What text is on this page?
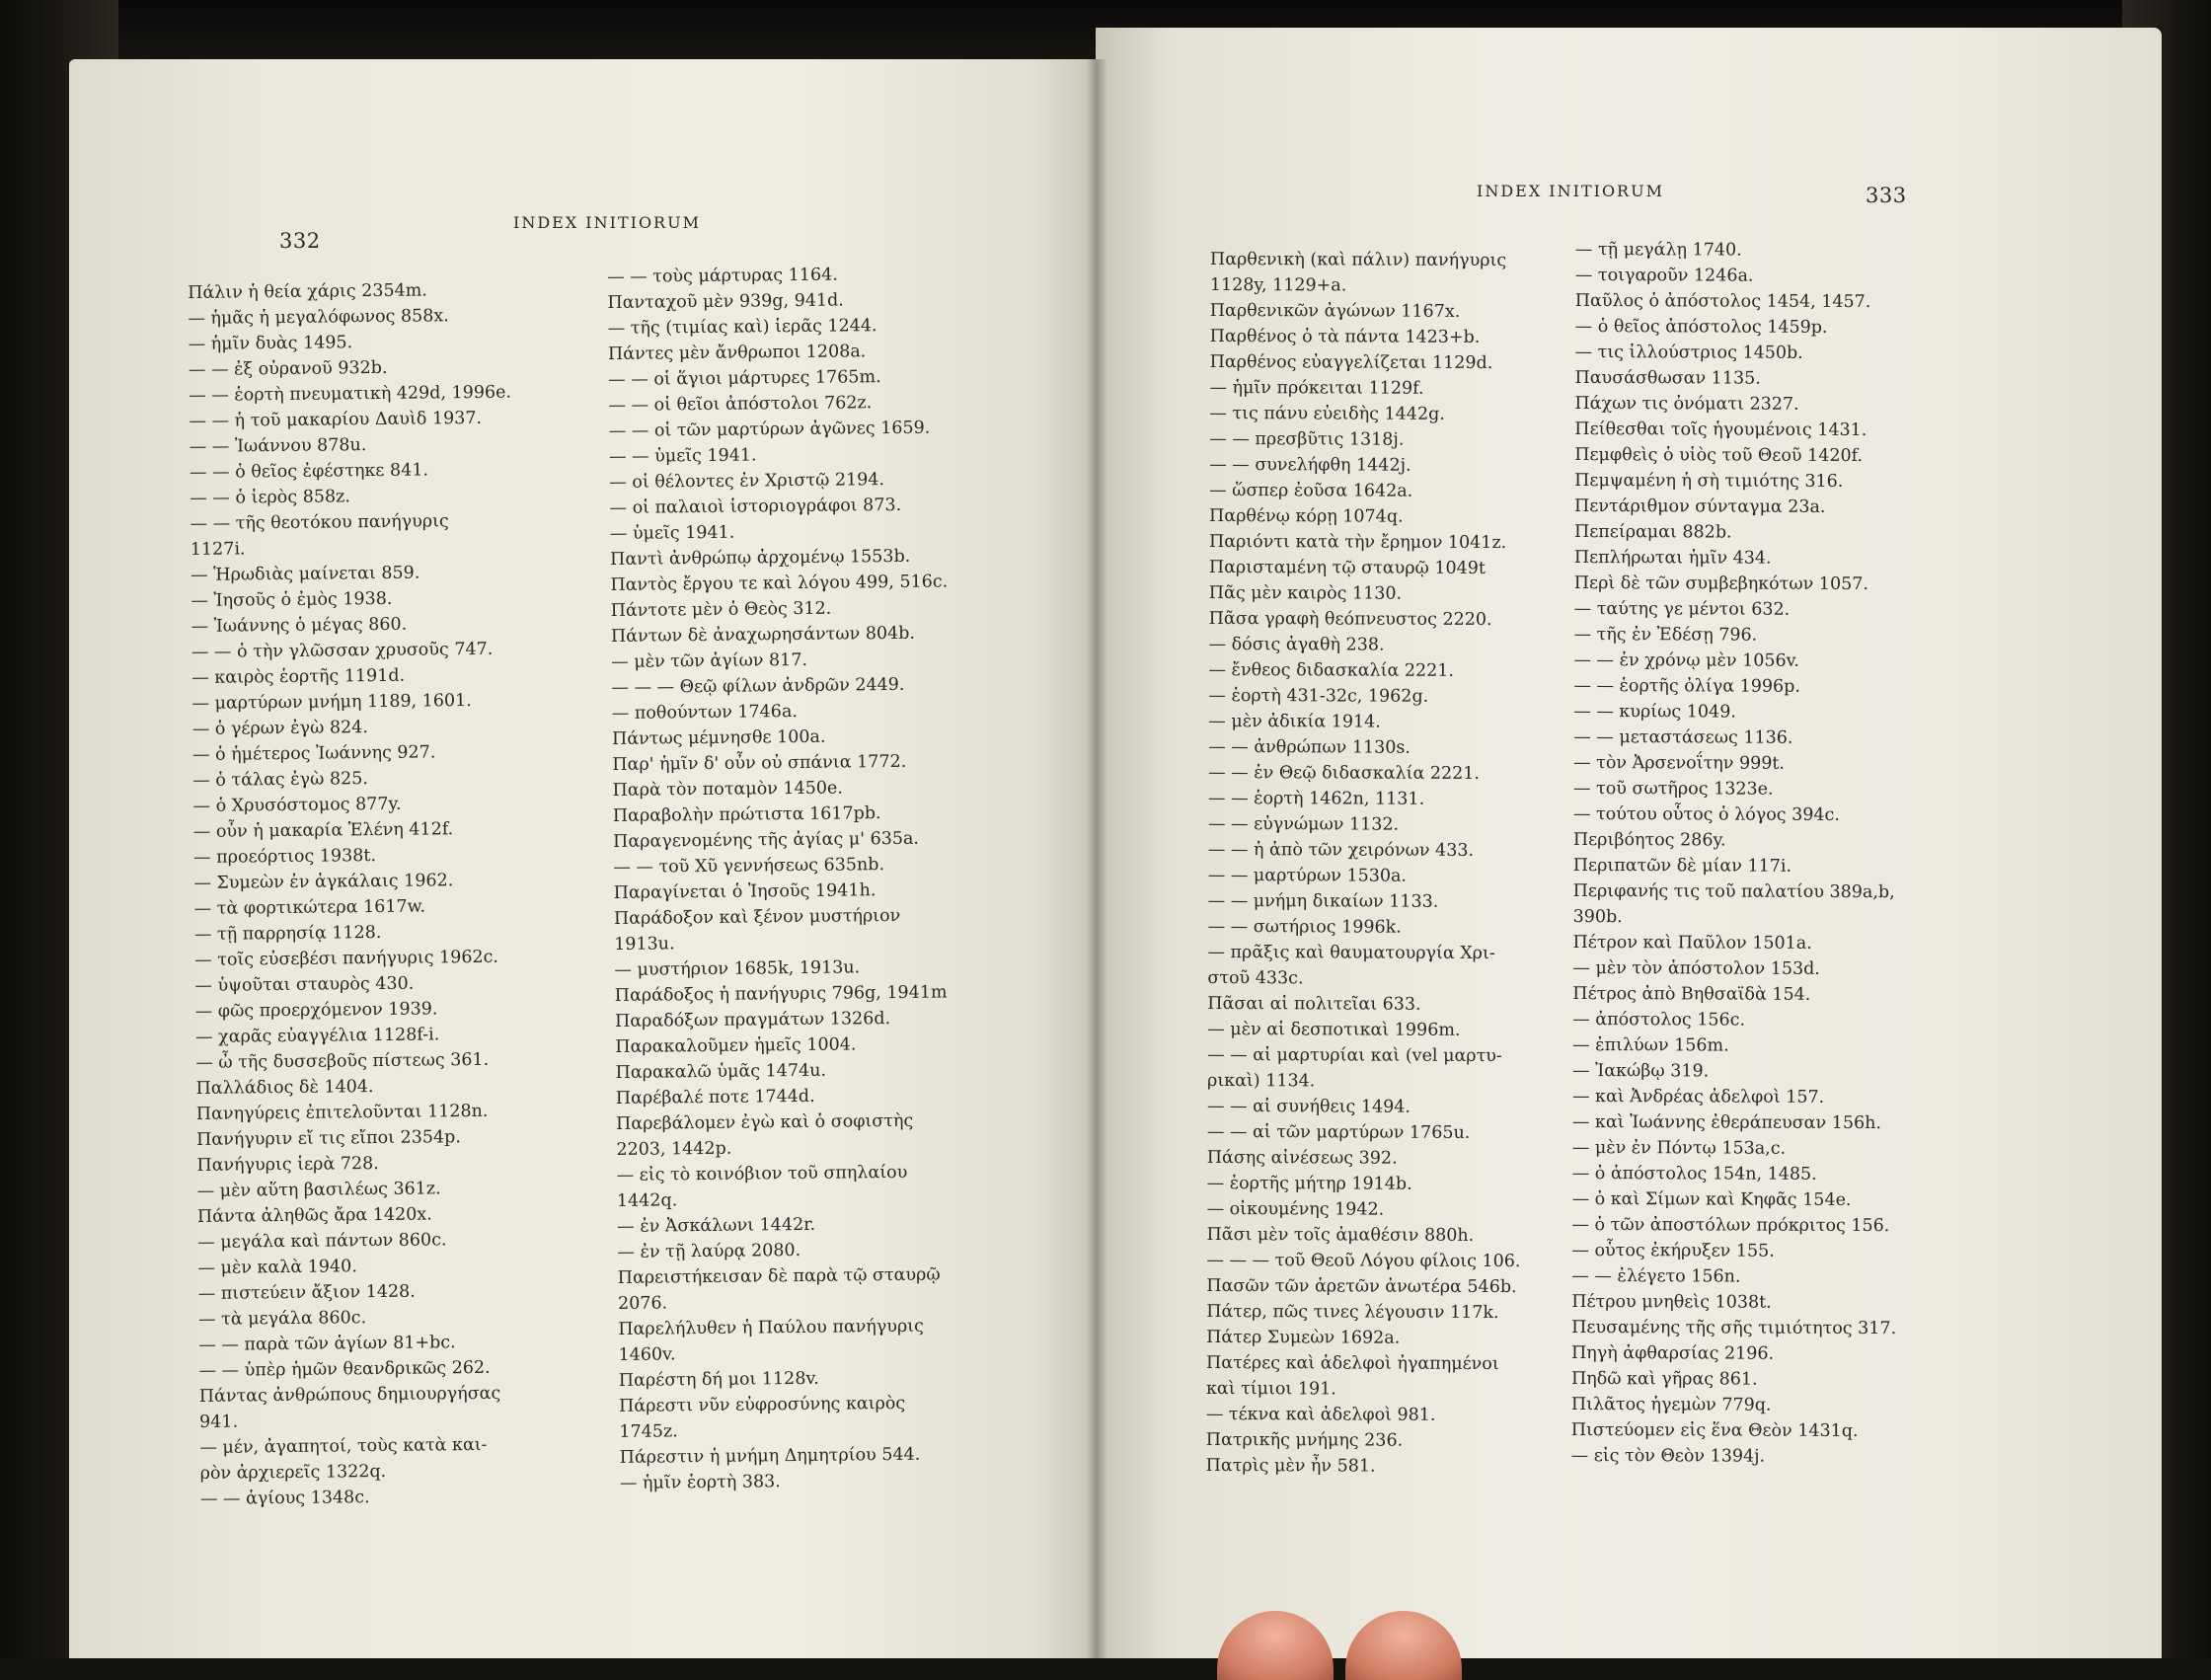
332
INDEX INITIORUM
Πάλιν ἡ θεία χάρις 2354m.
— ἡμᾶς ἡ μεγαλόφωνος 858x.
— ἡμῖν δυὰς 1495.
— — ἐξ οὐρανοῦ 932b.
— — ἑορτὴ πνευματικὴ 429d, 1996e.
— — ἡ τοῦ μακαρίου Δαυὶδ 1937.
— — Ἰωάννου 878u.
— — ὁ θεῖος ἐφέστηκε 841.
— — ὁ ἱερὸς 858z.
— — τῆς θεοτόκου πανήγυρις
1127i.
— Ἡρωδιὰς μαίνεται 859.
— Ἰησοῦς ὁ ἐμὸς 1938.
— Ἰωάννης ὁ μέγας 860.
— — ὁ τὴν γλῶσσαν χρυσοῦς 747.
— καιρὸς ἑορτῆς 1191d.
— μαρτύρων μνήμη 1189, 1601.
— ὁ γέρων ἐγὼ 824.
— ὁ ἡμέτερος Ἰωάννης 927.
— ὁ τάλας ἐγὼ 825.
— ὁ Χρυσόστομος 877y.
— οὖν ἡ μακαρία Ἑλένη 412f.
— προεόρτιος 1938t.
— Συμεὼν ἐν ἀγκάλαις 1962.
— τὰ φορτικώτερα 1617w.
— τῇ παρρησίᾳ 1128.
— τοῖς εὐσεβέσι πανήγυρις 1962c.
— ὑψοῦται σταυρὸς 430.
— φῶς προερχόμενον 1939.
— χαρᾶς εὐαγγέλια 1128f-i.
— ὦ τῆς δυσσεβοῦς πίστεως 361.
Παλλάδιος δὲ 1404.
Πανηγύρεις ἐπιτελοῦνται 1128n.
Πανήγυριν εἴ τις εἴποι 2354p.
Πανήγυρις ἱερὰ 728.
— μὲν αὕτη βασιλέως 361z.
Πάντα ἀληθῶς ἄρα 1420x.
— μεγάλα καὶ πάντων 860c.
— μὲν καλὰ 1940.
— πιστεύειν ἄξιον 1428.
— τὰ μεγάλα 860c.
— — παρὰ τῶν ἁγίων 81+bc.
— — ὑπὲρ ἡμῶν θεανδρικῶς 262.
Πάντας ἀνθρώπους δημιουργήσας
941.
— μέν, ἀγαπητοί, τοὺς κατὰ και-
ρὸν ἀρχιερεῖς 1322q.
— — ἁγίους 1348c.
— — τοὺς μάρτυρας 1164.
Πανταχοῦ μὲν 939g, 941d.
— τῆς (τιμίας καὶ) ἱερᾶς 1244.
Πάντες μὲν ἄνθρωποι 1208a.
— — οἱ ἅγιοι μάρτυρες 1765m.
— — οἱ θεῖοι ἀπόστολοι 762z.
— — οἱ τῶν μαρτύρων ἀγῶνες 1659.
— — ὑμεῖς 1941.
— οἱ θέλοντες ἐν Χριστῷ 2194.
— οἱ παλαιοὶ ἱστοριογράφοι 873.
— ὑμεῖς 1941.
Παντὶ ἀνθρώπῳ ἀρχομένῳ 1553b.
Παντὸς ἔργου τε καὶ λόγου 499, 516c.
Πάντοτε μὲν ὁ Θεὸς 312.
Πάντων δὲ ἀναχωρησάντων 804b.
— μὲν τῶν ἁγίων 817.
— — — Θεῷ φίλων ἀνδρῶν 2449.
— ποθούντων 1746a.
Πάντως μέμνησθε 100a.
Παρ' ἡμῖν δ' οὖν οὐ σπάνια 1772.
Παρὰ τὸν ποταμὸν 1450e.
Παραβολὴν πρώτιστα 1617pb.
Παραγενομένης τῆς ἁγίας μ' 635a.
— — τοῦ Χῦ γεννήσεως 635nb.
Παραγίνεται ὁ Ἰησοῦς 1941h.
Παράδοξον καὶ ξένον μυστήριον
1913u.
— μυστήριον 1685k, 1913u.
Παράδοξος ἡ πανήγυρις 796g, 1941m
Παραδόξων πραγμάτων 1326d.
Παρακαλοῦμεν ἡμεῖς 1004.
Παρακαλῶ ὑμᾶς 1474u.
Παρέβαλέ ποτε 1744d.
Παρεβάλομεν ἐγὼ καὶ ὁ σοφιστὴς
2203, 1442p.
— εἰς τὸ κοινόβιον τοῦ σπηλαίου
1442q.
— ἐν Ἀσκάλωνι 1442r.
— ἐν τῇ λαύρᾳ 2080.
Παρειστήκεισαν δὲ παρὰ τῷ σταυρῷ
2076.
Παρελήλυθεν ἡ Παύλου πανήγυρις
1460v.
Παρέστη δή μοι 1128v.
Πάρεστι νῦν εὐφροσύνης καιρὸς
1745z.
Πάρεστιν ἡ μνήμη Δημητρίου 544.
— ἡμῖν ἑορτὴ 383.
INDEX INITIORUM	333
Παρθενικὴ (καὶ πάλιν) πανήγυρις
1128y, 1129+a.
Παρθενικῶν ἀγώνων 1167x.
Παρθένος ὁ τὰ πάντα 1423+b.
Παρθένος εὐαγγελίζεται 1129d.
— ἡμῖν πρόκειται 1129f.
— τις πάνυ εὐειδὴς 1442g.
— — πρεσβῦτις 1318j.
— — συνελήφθη 1442j.
— ὥσπερ ἐοῦσα 1642a.
Παρθένῳ κόρῃ 1074q.
Παριόντι κατὰ τὴν ἔρημον 1041z.
Παρισταμένη τῷ σταυρῷ 1049t
Πᾶς μὲν καιρὸς 1130.
Πᾶσα γραφὴ θεόπνευστος 2220.
— δόσις ἀγαθὴ 238.
— ἔνθεος διδασκαλία 2221.
— ἑορτὴ 431-32c, 1962g.
— μὲν ἀδικία 1914.
— — ἀνθρώπων 1130s.
— — ἐν Θεῷ διδασκαλία 2221.
— — ἑορτὴ 1462n, 1131.
— — εὐγνώμων 1132.
— — ἡ ἀπὸ τῶν χειρόνων 433.
— — μαρτύρων 1530a.
— — μνήμη δικαίων 1133.
— — σωτήριος 1996k.
— πρᾶξις καὶ θαυματουργία Χρι-
στοῦ 433c.
Πᾶσαι αἱ πολιτεῖαι 633.
— μὲν αἱ δεσποτικαὶ 1996m.
— — αἱ μαρτυρίαι καὶ (vel μαρτυ-
ρικαὶ) 1134.
— — αἱ συνήθεις 1494.
— — αἱ τῶν μαρτύρων 1765u.
Πάσης αἰνέσεως 392.
— ἑορτῆς μήτηρ 1914b.
— οἰκουμένης 1942.
Πᾶσι μὲν τοῖς ἀμαθέσιν 880h.
— — — τοῦ Θεοῦ Λόγου φίλοις 106.
Πασῶν τῶν ἀρετῶν ἀνωτέρα 546b.
Πάτερ, πῶς τινες λέγουσιν 117k.
Πάτερ Συμεὼν 1692a.
Πατέρες καὶ ἀδελφοὶ ἠγαπημένοι
καὶ τίμιοι 191.
— τέκνα καὶ ἀδελφοὶ 981.
Πατρικῆς μνήμης 236.
Πατρὶς μὲν ἦν 581.
— τῇ μεγάλῃ 1740.
— τοιγαροῦν 1246a.
Παῦλος ὁ ἀπόστολος 1454, 1457.
— ὁ θεῖος ἀπόστολος 1459p.
— τις ἰλλούστριος 1450b.
Παυσάσθωσαν 1135.
Πάχων τις ὀνόματι 2327.
Πείθεσθαι τοῖς ἡγουμένοις 1431.
Πεμφθεὶς ὁ υἱὸς τοῦ Θεοῦ 1420f.
Πεμψαμένη ἡ σὴ τιμιότης 316.
Πεντάριθμον σύνταγμα 23a.
Πεπείραμαι 882b.
Πεπλήρωται ἡμῖν 434.
Περὶ δὲ τῶν συμβεβηκότων 1057.
— ταύτης γε μέντοι 632.
— τῆς ἐν Ἐδέσῃ 796.
— — ἐν χρόνῳ μὲν 1056v.
— — ἑορτῆς ὀλίγα 1996p.
— — κυρίως 1049.
— — μεταστάσεως 1136.
— τὸν Ἀρσενοΐτην 999t.
— τοῦ σωτῆρος 1323e.
— τούτου οὗτος ὁ λόγος 394c.
Περιβόητος 286y.
Περιπατῶν δὲ μίαν 117i.
Περιφανής τις τοῦ παλατίου 389a,b,
390b.
Πέτρον καὶ Παῦλον 1501a.
— μὲν τὸν ἀπόστολον 153d.
Πέτρος ἀπὸ Βηθσαϊδὰ 154.
— ἀπόστολος 156c.
— ἐπιλύων 156m.
— Ἰακώβῳ 319.
— καὶ Ἀνδρέας ἀδελφοὶ 157.
— καὶ Ἰωάννης ἐθεράπευσαν 156h.
— μὲν ἐν Πόντῳ 153a,c.
— ὁ ἀπόστολος 154n, 1485.
— ὁ καὶ Σίμων καὶ Κηφᾶς 154e.
— ὁ τῶν ἀποστόλων πρόκριτος 156.
— οὗτος ἐκήρυξεν 155.
— — ἐλέγετο 156n.
Πέτρου μνηθεὶς 1038t.
Πευσαμένης τῆς σῆς τιμιότητος 317.
Πηγὴ ἀφθαρσίας 2196.
Πηδῶ καὶ γῆρας 861.
Πιλᾶτος ἡγεμὼν 779q.
Πιστεύομεν εἰς ἕνα Θεὸν 1431q.
— εἰς τὸν Θεὸν 1394j.
